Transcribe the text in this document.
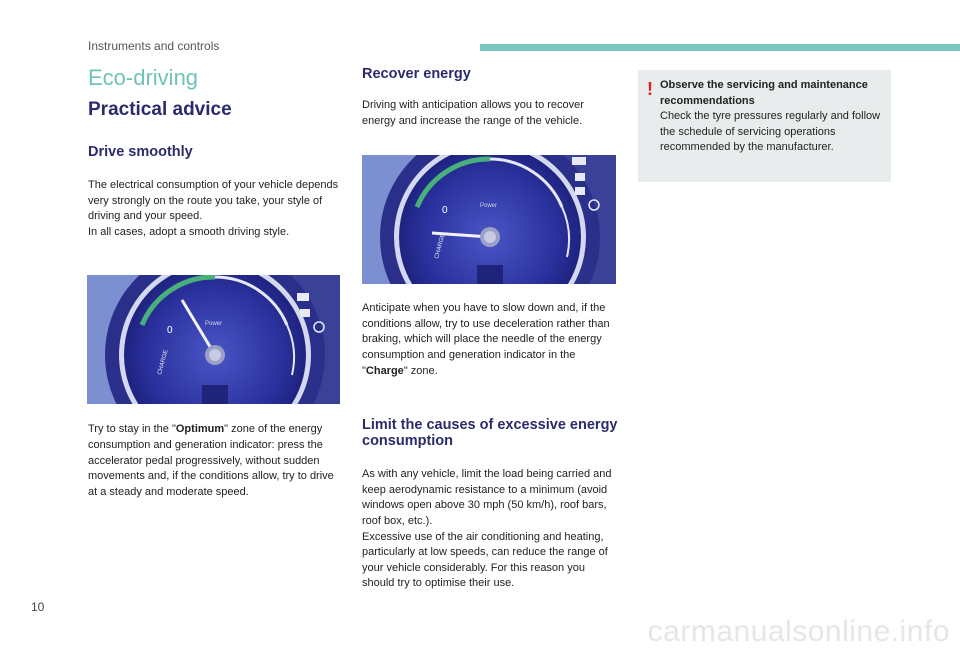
Instruments and controls
Eco-driving
Practical advice
Drive smoothly

The electrical consumption of your vehicle depends very strongly on the route you take, your style of driving and your speed.

In all cases, adopt a smooth driving style.

Try to stay in the "Optimum" zone of the energy consumption and generation indicator: press the accelerator pedal progressively, without sudden movements and, if the conditions allow, try to drive at a steady and moderate speed.

0
Power
CHARGE
Recover energy

Driving with anticipation allows you to recover energy and increase the range of the vehicle.

Anticipate when you have to slow down and, if the conditions allow, try to use deceleration rather than braking, which will place the needle of the energy consumption and generation indicator in the "Charge" zone.

Limit the causes of excessive energy consumption

As with any vehicle, limit the load being carried and keep aerodynamic resistance to a minimum (avoid windows open above 30 mph (50 km/h), roof bars, roof box, etc.).

Excessive use of the air conditioning and heating, particularly at low speeds, can reduce the range of your vehicle considerably. For this reason you should try to optimise their use.

0	Power
CHARGE
! Observe the servicing and maintenance recommendations
Check the tyre pressures regularly and follow the schedule of servicing operations recommended by the manufacturer.
10
carmanualsonline.info
